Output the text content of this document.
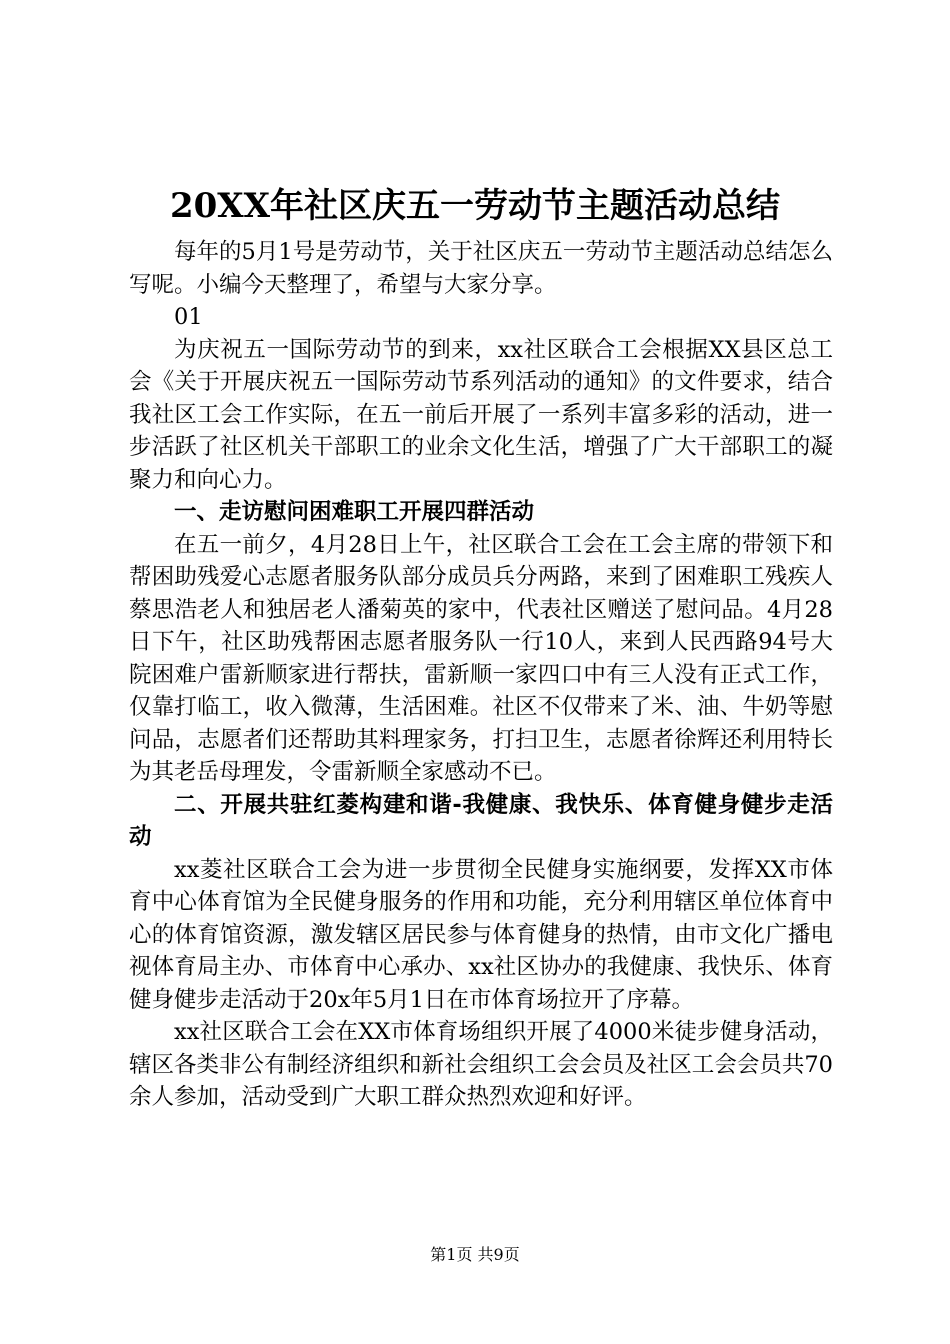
20XX年社区庆五一劳动节主题活动总结

每年的5月1号是劳动节，关于社区庆五一劳动节主题活动总结怎么写呢。小编今天整理了，希望与大家分享。

01

为庆祝五一国际劳动节的到来，xx社区联合工会根据XX县区总工会《关于开展庆祝五一国际劳动节系列活动的通知》的文件要求，结合我社区工会工作实际，在五一前后开展了一系列丰富多彩的活动，进一步活跃了社区机关干部职工的业余文化生活，增强了广大干部职工的凝聚力和向心力。

一、走访慰问困难职工开展四群活动

在五一前夕，4月28日上午，社区联合工会在工会主席的带领下和帮困助残爱心志愿者服务队部分成员兵分两路，来到了困难职工残疾人蔡思浩老人和独居老人潘菊英的家中，代表社区赠送了慰问品。4月28日下午，社区助残帮困志愿者服务队一行10人，来到人民西路94号大院困难户雷新顺家进行帮扶，雷新顺一家四口中有三人没有正式工作，仅靠打临工，收入微薄，生活困难。社区不仅带来了米、油、牛奶等慰问品，志愿者们还帮助其料理家务，打扫卫生，志愿者徐辉还利用特长为其老岳母理发，令雷新顺全家感动不已。

二、开展共驻红菱构建和谐-我健康、我快乐、体育健身健步走活动

xx菱社区联合工会为进一步贯彻全民健身实施纲要，发挥XX市体育中心体育馆为全民健身服务的作用和功能，充分利用辖区单位体育中心的体育馆资源，激发辖区居民参与体育健身的热情，由市文化广播电视体育局主办、市体育中心承办、xx社区协办的我健康、我快乐、体育健身健步走活动于20x年5月1日在市体育场拉开了序幕。

xx社区联合工会在XX市体育场组织开展了4000米徒步健身活动，辖区各类非公有制经济组织和新社会组织工会会员及社区工会会员共70余人参加，活动受到广大职工群众热烈欢迎和好评。

第1页 共9页
